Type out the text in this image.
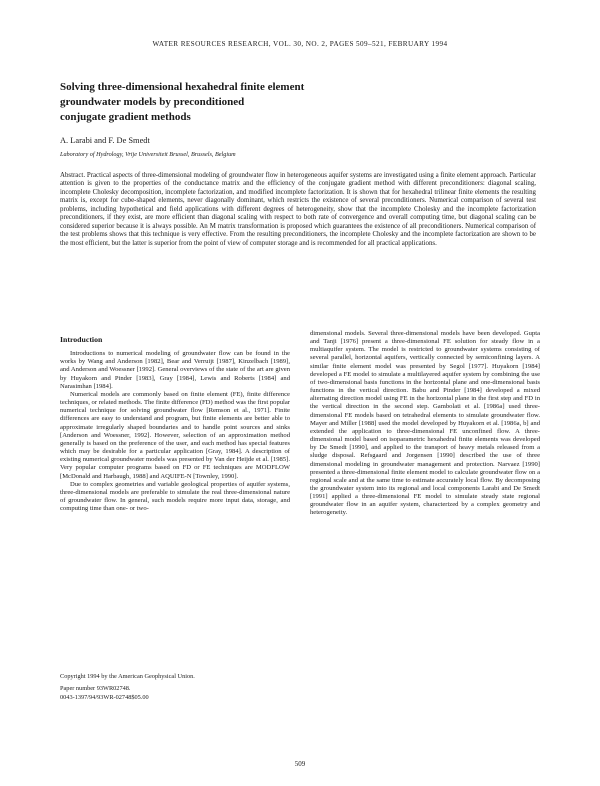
WATER RESOURCES RESEARCH, VOL. 30, NO. 2, PAGES 509–521, FEBRUARY 1994
Solving three-dimensional hexahedral finite element
groundwater models by preconditioned
conjugate gradient methods
A. Larabi and F. De Smedt
Laboratory of Hydrology, Vrije Universiteit Brussel, Brussels, Belgium
Abstract. Practical aspects of three-dimensional modeling of groundwater flow in heterogeneous aquifer systems are investigated using a finite element approach. Particular attention is given to the properties of the conductance matrix and the efficiency of the conjugate gradient method with different preconditioners: diagonal scaling, incomplete Cholesky decomposition, incomplete factorization, and modified incomplete factorization. It is shown that for hexahedral trilinear finite elements the resulting matrix is, except for cube-shaped elements, never diagonally dominant, which restricts the existence of several preconditioners. Numerical comparison of several test problems, including hypothetical and field applications with different degrees of heterogeneity, show that the incomplete Cholesky and the incomplete factorization preconditioners, if they exist, are more efficient than diagonal scaling with respect to both rate of convergence and overall computing time, but diagonal scaling can be considered superior because it is always possible. An M matrix transformation is proposed which guarantees the existence of all preconditioners. Numerical comparison of the test problems shows that this technique is very effective. From the resulting preconditioners, the incomplete Cholesky and the incomplete factorization are shown to be the most efficient, but the latter is superior from the point of view of computer storage and is recommended for all practical applications.
Introduction
Introductions to numerical modeling of groundwater flow can be found in the works by Wang and Anderson [1982], Bear and Verruijt [1987], Kinzelbach [1989], and Anderson and Woessner [1992]. General overviews of the state of the art are given by Huyakorn and Pinder [1983], Gray [1984], Lewis and Roberts [1984] and Narasimhan [1984].
Numerical models are commonly based on finite element (FE), finite difference techniques, or related methods. The finite difference (FD) method was the first popular numerical technique for solving groundwater flow [Remson et al., 1971]. Finite differences are easy to understand and program, but finite elements are better able to approximate irregularly shaped boundaries and to handle point sources and sinks [Anderson and Woessner, 1992]. However, selection of an approximation method generally is based on the preference of the user, and each method has special features which may be desirable for a particular application [Gray, 1984]. A description of existing numerical groundwater models was presented by Van der Heijde et al. [1985]. Very popular computer programs based on FD or FE techniques are MODFLOW [McDonald and Harbaugh, 1988] and AQUIFE-N [Townley, 1990].
Due to complex geometries and variable geological properties of aquifer systems, three-dimensional models are preferable to simulate the real three-dimensional nature of groundwater flow. In general, such models require more input data, storage, and computing time than one- or two-
dimensional models. Several three-dimensional models have been developed. Gupta and Tanji [1976] present a three-dimensional FE solution for steady flow in a multiaquifer system. The model is restricted to groundwater systems consisting of several parallel, horizontal aquifers, vertically connected by semiconfining layers. A similar finite element model was presented by Segol [1977]. Huyakorn [1984] developed a FE model to simulate a multilayered aquifer system by combining the use of two-dimensional basis functions in the horizontal plane and one-dimensional basis functions in the vertical direction. Babu and Pinder [1984] developed a mixed alternating direction model using FE in the horizontal plane in the first step and FD in the vertical direction in the second step. Gambolati et al. [1986a] used three-dimensional FE models based on tetrahedral elements to simulate groundwater flow. Mayer and Miller [1988] used the model developed by Huyakorn et al. [1986a, b] and extended the application to three-dimensional FE unconfined flow. A three-dimensional model based on isoparametric hexahedral finite elements was developed by De Smedt [1990], and applied to the transport of heavy metals released from a sludge disposal. Refsgaard and Jorgensen [1990] described the use of three dimensional modeling in groundwater management and protection. Narvaez [1990] presented a three-dimensional finite element model to calculate groundwater flow on a regional scale and at the same time to estimate accurately local flow. By decomposing the groundwater system into its regional and local components Larabi and De Smedt [1991] applied a three-dimensional FE model to simulate steady state regional groundwater flow in an aquifer system, characterized by a complex geometry and heterogeneity.
Copyright 1994 by the American Geophysical Union.
Paper number 93WR02748.
0043-1397/94/93WR-02748$05.00
509
